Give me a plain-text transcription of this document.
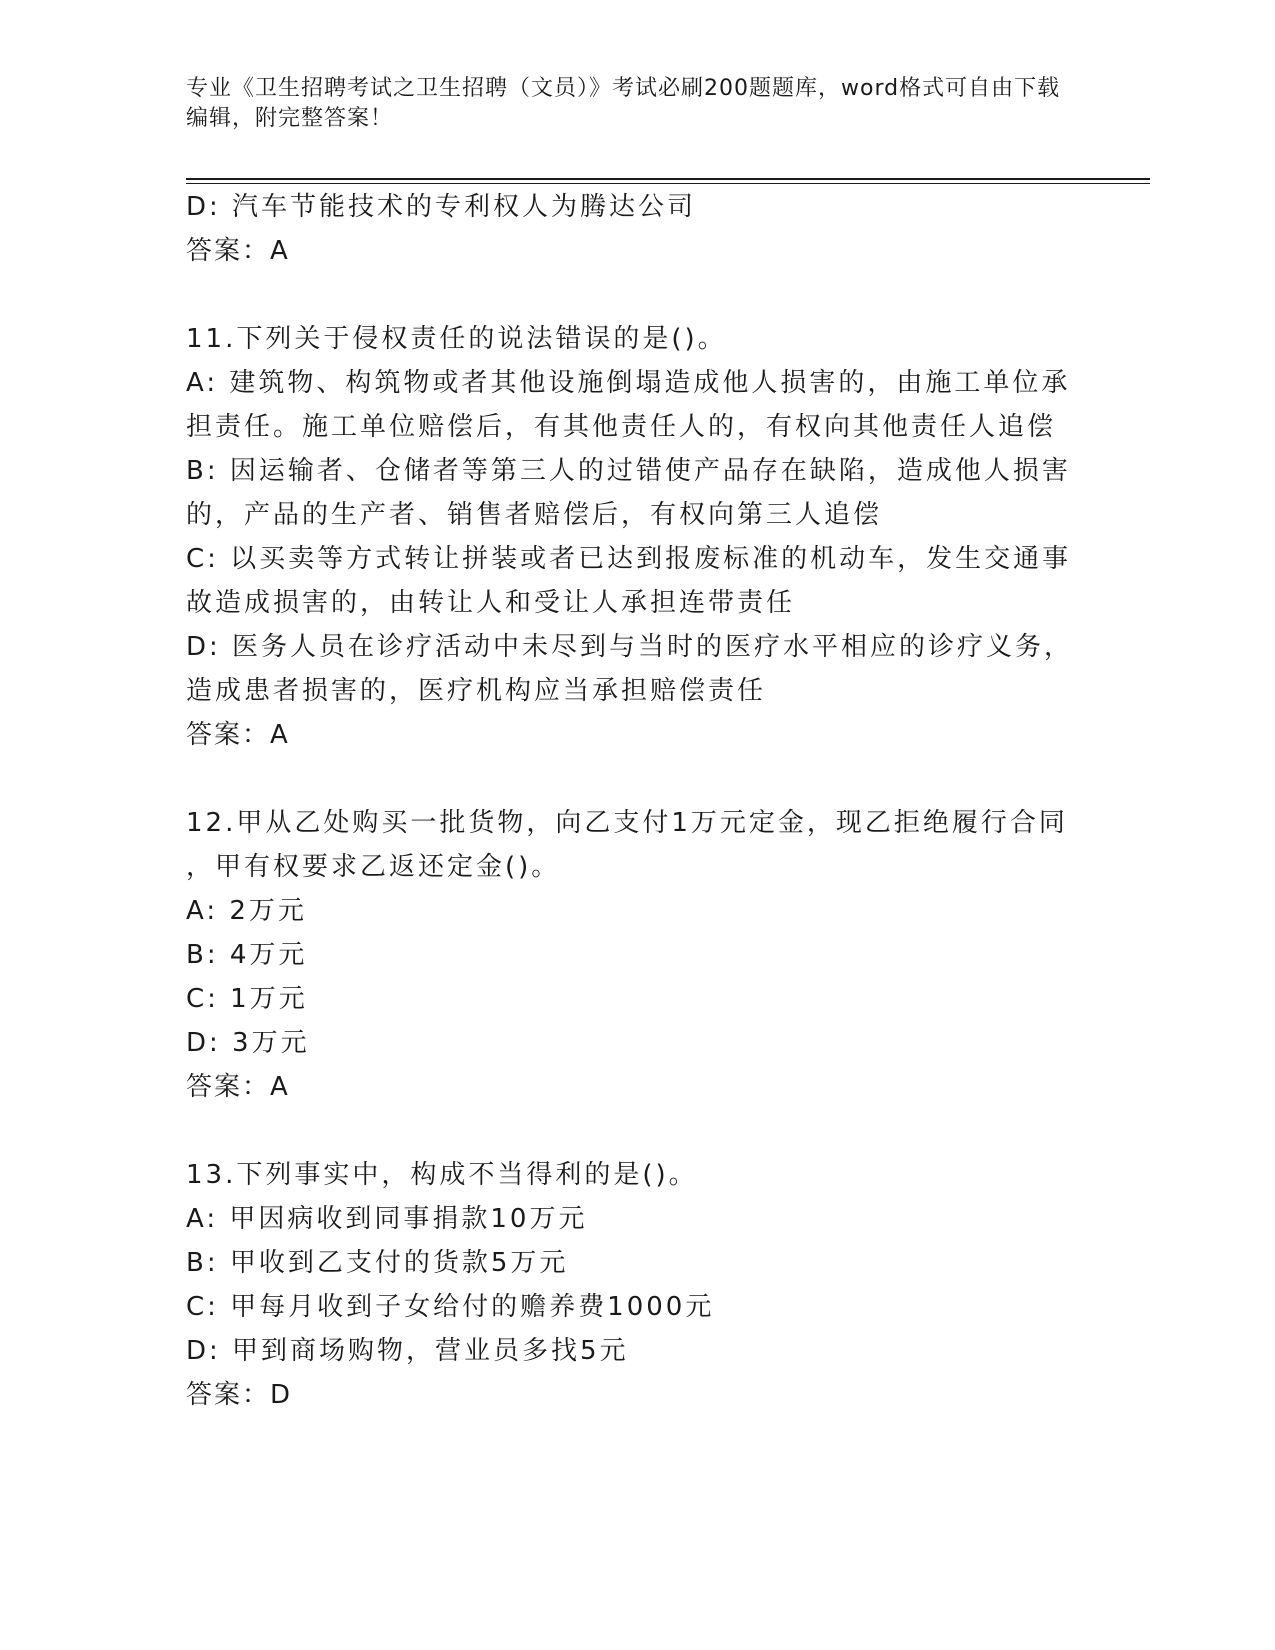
专业《卫生招聘考试之卫生招聘（文员）》考试必刷200题题库，word格式可自由下载编辑，附完整答案！
D: 汽车节能技术的专利权人为腾达公司
答案：A
11.下列关于侵权责任的说法错误的是()。
A: 建筑物、构筑物或者其他设施倒塌造成他人损害的，由施工单位承
担责任。施工单位赔偿后，有其他责任人的，有权向其他责任人追偿
B: 因运输者、仓储者等第三人的过错使产品存在缺陷，造成他人损害
的，产品的生产者、销售者赔偿后，有权向第三人追偿
C: 以买卖等方式转让拼装或者已达到报废标准的机动车，发生交通事
故造成损害的，由转让人和受让人承担连带责任
D: 医务人员在诊疗活动中未尽到与当时的医疗水平相应的诊疗义务，
造成患者损害的，医疗机构应当承担赔偿责任
答案：A
12.甲从乙处购买一批货物，向乙支付1万元定金，现乙拒绝履行合同
，甲有权要求乙返还定金()。
A: 2万元
B: 4万元
C: 1万元
D: 3万元
答案：A
13.下列事实中，构成不当得利的是()。
A: 甲因病收到同事捐款10万元
B: 甲收到乙支付的货款5万元
C: 甲每月收到子女给付的赡养费1000元
D: 甲到商场购物，营业员多找5元
答案：D
